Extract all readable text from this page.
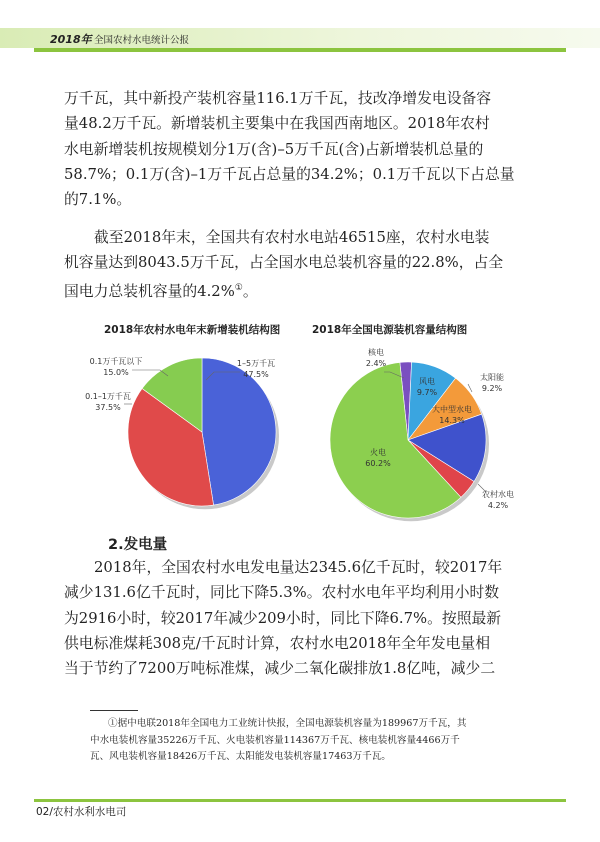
2018年 全国农村水电统计公报

万千瓦，其中新投产装机容量116.1万千瓦，技改净增发电设备容
量48.2万千瓦。新增装机主要集中在我国西南地区。2018年农村
水电新增装机按规模划分1万(含)–5万千瓦(含)占新增装机总量的
58.7%；0.1万(含)–1万千瓦占总量的34.2%；0.1万千瓦以下占总量
的7.1%。

截至2018年末，全国共有农村水电站46515座，农村水电装
机容量达到8043.5万千瓦，占全国水电总装机容量的22.8%，占全
国电力总装机容量的4.2%①。

2018年农村水电年末新增装机结构图	2018年全国电源装机容量结构图
1–5万千瓦
47.5%
0.1–1万千瓦
37.5%
0.1万千瓦以下
15.0%
核电
2.4%
风电
9.7%
太阳能
9.2%
大中型水电
14.3%
农村水电
4.2%
火电
60.2%
2.发电量

2018年，全国农村水电发电量达2345.6亿千瓦时，较2017年
减少131.6亿千瓦时，同比下降5.3%。农村水电年平均利用小时数
为2916小时，较2017年减少209小时，同比下降6.7%。按照最新
供电标准煤耗308克/千瓦时计算，农村水电2018年全年发电量相
当于节约了7200万吨标准煤，减少二氧化碳排放1.8亿吨，减少二

①据中电联2018年全国电力工业统计快报，全国电源装机容量为189967万千瓦，其
中水电装机容量35226万千瓦、火电装机容量114367万千瓦、核电装机容量4466万千
瓦、风电装机容量18426万千瓦、太阳能发电装机容量17463万千瓦。

02/农村水利水电司
